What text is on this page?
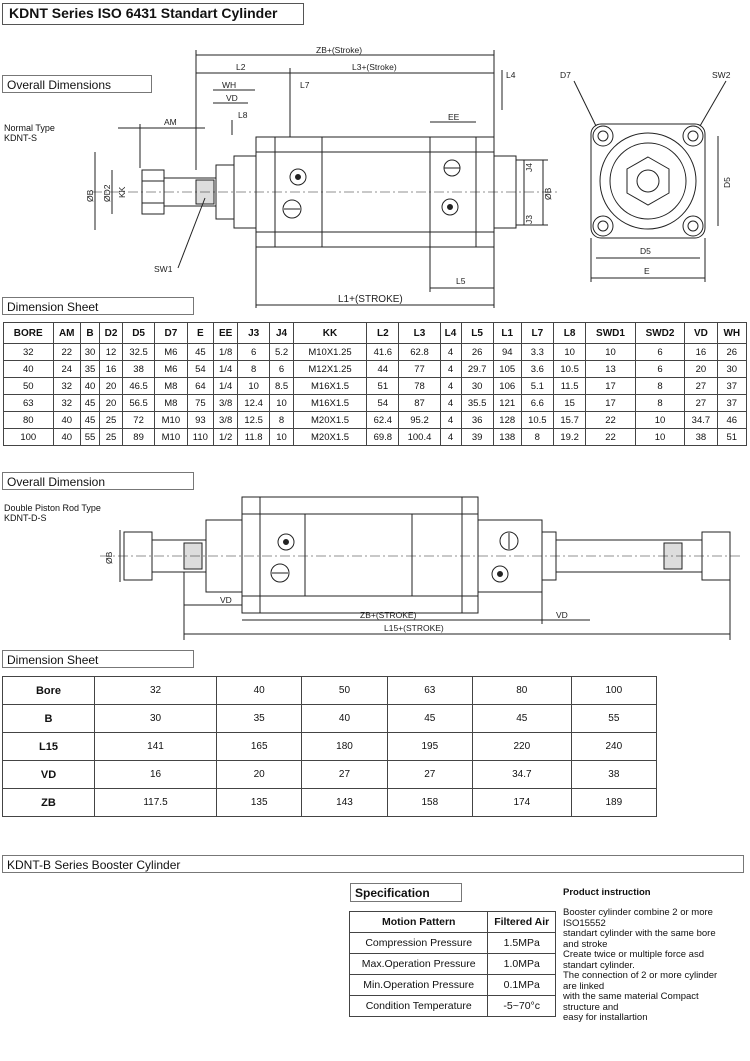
KDNT Series ISO 6431 Standart Cylinder
Overall Dimensions
Normal Type
KDNT-S
ZB+(Stroke)
L2	L3+(Stroke)
L4
WH
VD
L7
L8
AM	EE
KK
ØD2
ØB
J4
J3
ØB
L5
SW1
L1+(STROKE)
D7	SW2
D5
D5
E
Dimension Sheet
BORE	AM	B	D2	D5	D7	E	EE	J3	J4	KK	L2	L3	L4	L5	L1	L7	L8	SWD1	SWD2	VD	WH
32	22	30	12	32.5	M6	45	1/8	6	5.2	M10X1.25	41.6	62.8	4	26	94	3.3	10	10	6	16	26
40	24	35	16	38	M6	54	1/4	8	6	M12X1.25	44	77	4	29.7	105	3.6	10.5	13	6	20	30
50	32	40	20	46.5	M8	64	1/4	10	8.5	M16X1.5	51	78	4	30	106	5.1	11.5	17	8	27	37
63	32	45	20	56.5	M8	75	3/8	12.4	10	M16X1.5	54	87	4	35.5	121	6.6	15	17	8	27	37
80	40	45	25	72	M10	93	3/8	12.5	8	M20X1.5	62.4	95.2	4	36	128	10.5	15.7	22	10	34.7	46
100	40	55	25	89	M10	110	1/2	11.8	10	M20X1.5	69.8	100.4	4	39	138	8	19.2	22	10	38	51
Overall Dimension
Double Piston Rod Type
KDNT-D-S
ØB
VD
ZB+(STROKE)	VD
L15+(STROKE)
Dimension Sheet
Bore	32	40	50	63	80	100
B	30	35	40	45	45	55
L15	141	165	180	195	220	240
VD	16	20	27	27	34.7	38
ZB	117.5	135	143	158	174	189
KDNT-B Series Booster Cylinder
Specification
Motion Pattern	Filtered Air
Compression Pressure	1.5MPa
Max.Operation Pressure	1.0MPa
Min.Operation Pressure	0.1MPa
Condition Temperature	-5~70°c
Product instruction
Booster cylinder combine 2 or more
ISO15552
standart cylinder with the same bore
and stroke
Create twice or multiple force asd
standart cylinder.
The connection of 2 or more cylinder
are linked
with the same material Compact
structure and
easy for installartion
